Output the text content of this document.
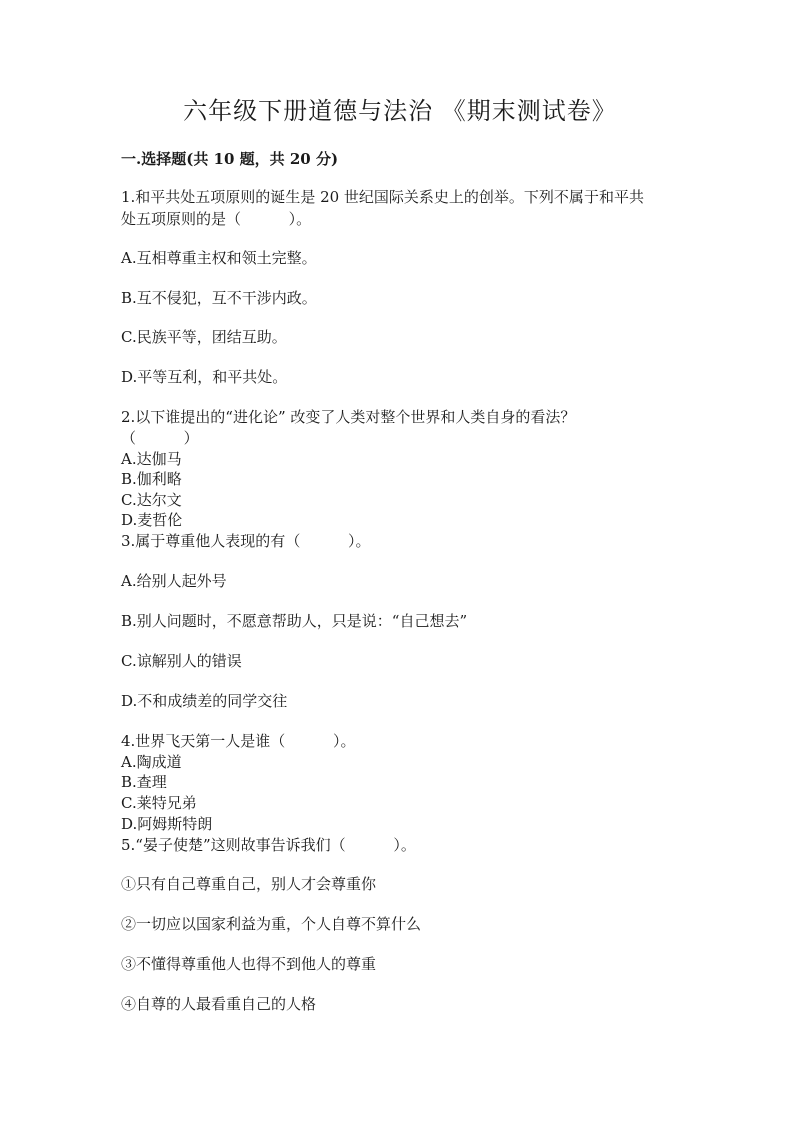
六年级下册道德与法治 《期末测试卷》
一.选择题(共 10 题，共 20 分)
1.和平共处五项原则的诞生是 20 世纪国际关系史上的创举。下列不属于和平共
处五项原则的是（          ）。
A.互相尊重主权和领土完整。
B.互不侵犯，互不干涉内政。
C.民族平等，团结互助。
D.平等互利，和平共处。
2.以下谁提出的“进化论” 改变了人类对整个世界和人类自身的看法？
（          ）
A.达伽马
B.伽利略
C.达尔文
D.麦哲伦
3.属于尊重他人表现的有（          ）。
A.给别人起外号
B.别人问题时，不愿意帮助人，只是说：“自己想去”
C.谅解别人的错误
D.不和成绩差的同学交往
4.世界飞天第一人是谁（          ）。
A.陶成道
B.查理
C.莱特兄弟
D.阿姆斯特朗
5.“晏子使楚”这则故事告诉我们（          ）。
①只有自己尊重自己，别人才会尊重你
②一切应以国家利益为重，个人自尊不算什么
③不懂得尊重他人也得不到他人的尊重
④自尊的人最看重自己的人格
